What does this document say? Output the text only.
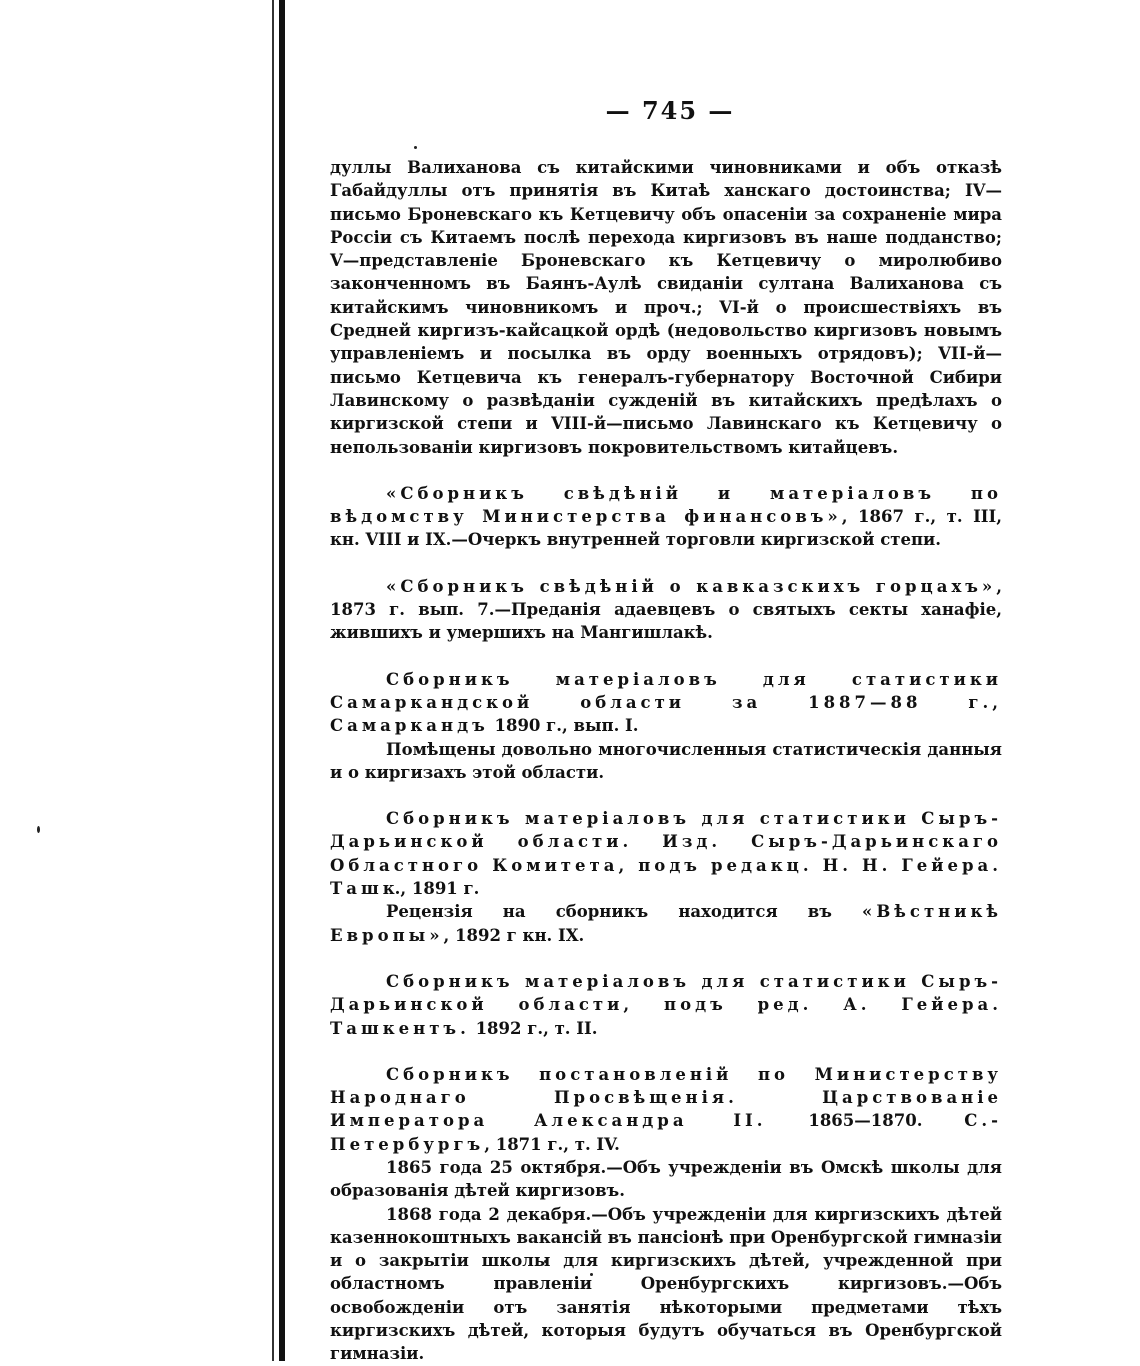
— 745 —

дуллы Валиханова съ китайскими чиновниками и объ отказѣ Габайдуллы отъ принятія въ Китаѣ ханскаго достоинства; IV—письмо Броневскаго къ Кетцевичу объ опасеніи за сохраненіе мира Россіи съ Китаемъ послѣ перехода киргизовъ въ наше подданство; V—представленіе Броневскаго къ Кетцевичу о миролюбиво законченномъ въ Баянъ-Аулѣ свиданіи султана Валиханова съ китайскимъ чиновникомъ и проч.; VI-й о происшествіяхъ въ Средней киргизъ-кайсацкой ордѣ (недовольство киргизовъ новымъ управленіемъ и посылка въ орду военныхъ отрядовъ); VII-й—письмо Кетцевича къ генералъ-губернатору Восточной Сибири Лавинскому о развѣданіи сужденій въ китайскихъ предѣлахъ о киргизской степи и VIII-й—письмо Лавинскаго къ Кетцевичу о непользованіи киргизовъ покровительствомъ китайцевъ.

«Сборникъ свѣдѣній и матеріаловъ по вѣдомству Министерства финансовъ», 1867 г., т. III, кн. VIII и IX.—Очеркъ внутренней торговли киргизской степи.

«Сборникъ свѣдѣній о кавказскихъ горцахъ», 1873 г. вып. 7.—Преданія адаевцевъ о святыхъ секты ханафіе, жившихъ и умершихъ на Мангишлакѣ.

Сборникъ матеріаловъ для статистики Самаркандской области за 1887—88 г., Самаркандъ 1890 г., вып. I.

Помѣщены довольно многочисленныя статистическія данныя и о киргизахъ этой области.

Сборникъ матеріаловъ для статистики Сыръ-Дарьинской области. Изд. Сыръ-Дарьинскаго Областного Комитета, подъ редакц. Н. Н. Гейера. Ташк., 1891 г.

Рецензія на сборникъ находится въ «Вѣстникѣ Европы», 1892 г кн. IX.

Сборникъ матеріаловъ для статистики Сыръ-Дарьинской области, подъ ред. А. Гейера. Ташкентъ. 1892 г., т. II.

Сборникъ постановленій по Министерству Народнаго Просвѣщенія. Царствованіе Императора Александра II. 1865—1870. С.-Петербургъ, 1871 г., т. IV.

1865 года 25 октября.—Объ учрежденіи въ Омскѣ школы для образованія дѣтей киргизовъ.

1868 года 2 декабря.—Объ учрежденіи для киргизскихъ дѣтей казеннокоштныхъ вакансій въ пансіонѣ при Оренбургской гимназіи и о закрытіи школы для киргизскихъ дѣтей, учрежденной при областномъ правленіи Оренбургскихъ киргизовъ.—Объ освобожденіи отъ занятія нѣкоторыми предметами тѣхъ киргизскихъ дѣтей, которыя будутъ обучаться въ Оренбургской гимназіи.
